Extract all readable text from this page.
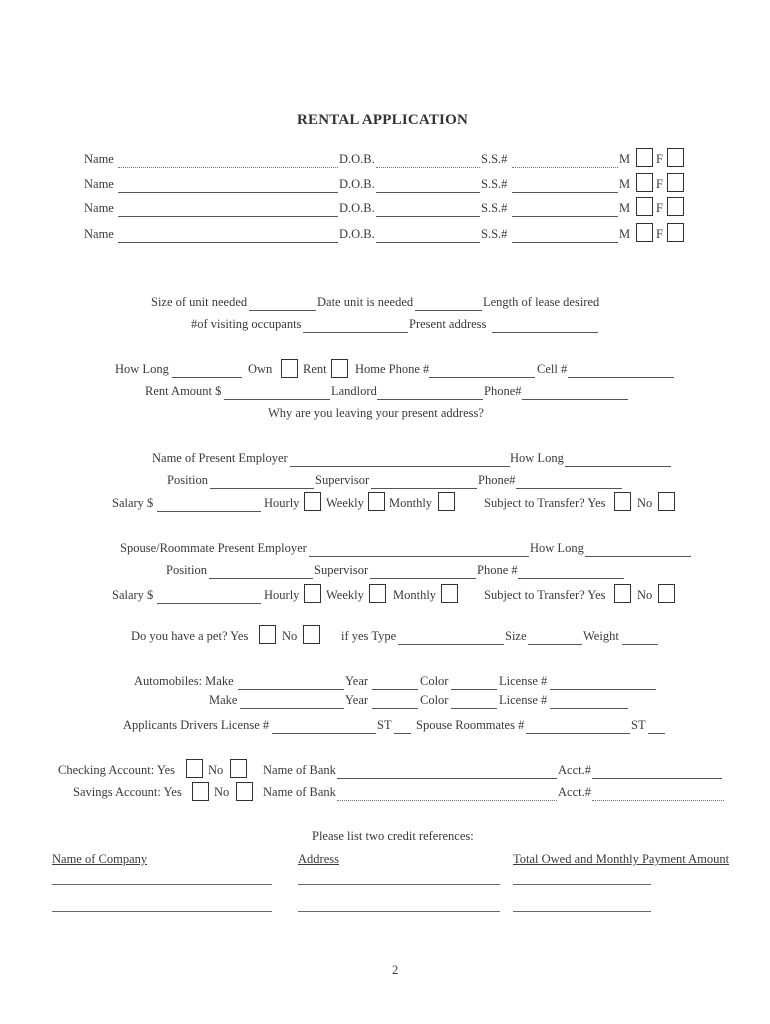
RENTAL APPLICATION
Name	D.O.B.	S.S.#	M F
Name	D.O.B.	S.S.#	M F
Name	D.O.B.	S.S.#	M F
Name	D.O.B.	S.S.#	M F
Size of unit needed	Date unit is needed	Length of lease desired
#of visiting occupants	Present address
How Long	Own Rent Home Phone #	Cell #
Rent Amount $	Landlord	Phone#
Why are you leaving your present address?
Name of Present Employer	How Long
Position	Supervisor	Phone#
Salary $	Hourly Weekly Monthly	Subject to Transfer? Yes	No
Spouse/Roommate Present Employer	How Long
Position	Supervisor	Phone #
Salary $	Hourly Weekly Monthly	Subject to Transfer? Yes	No
Do you have a pet? Yes	No	if yes Type	Size	Weight
Automobiles: Make	Year	Color	License #
Make	Year	Color	License #
Applicants Drivers License #	ST Spouse Roommates #	ST
Checking Account: Yes	No	Name of Bank	Acct.#
Savings Account: Yes	No	Name of Bank	Acct.#
Please list two credit references:
Name of Company	Address	Total Owed and Monthly Payment Amount
2
